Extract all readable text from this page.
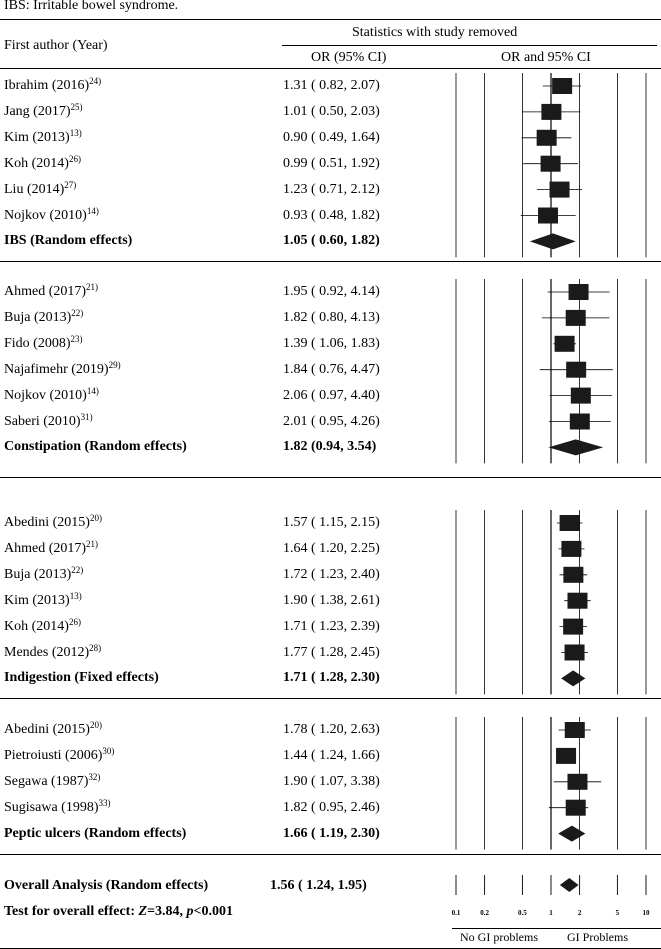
IBS: Irritable bowel syndrome.
First author (Year)
Statistics with study removed
OR (95% CI)	OR and 95% CI
Ibrahim $(2016)^{24)}$	1.31 ( 0.82, 2.07)
Jang $(2017)^{25)}$	1.01 ( 0.50, 2.03)
Kim $(2013)^{13)}$	0.90 ( 0.49, 1.64)
Koh $(2014)^{26)}$	0.99 ( 0.51, 1.92)
Liu $(2014)^{27)}$	1.23 ( 0.71, 2.12)
Nojkov $(2010)^{14)}$	0.93 ( 0.48, 1.82)
IBS (Random effects)	1.05 ( 0.60, 1.82)
Ahmed $(2017)^{21)}$	1.95 ( 0.92, 4.14)
Buja $(2013)^{22)}$	1.82 ( 0.80, 4.13)
Fido $(2008)^{23)}$	1.39 ( 1.06, 1.83)
Najafimehr $(2019)^{29)}$	1.84 ( 0.76, 4.47)
Nojkov $(2010)^{14)}$	2.06 ( 0.97, 4.40)
Saberi $(2010)^{31)}$	2.01 ( 0.95, 4.26)
Constipation (Random effects)	1.82 (0.94, 3.54)
Abedini $(2015)^{20)}$	1.57 ( 1.15, 2.15)
Ahmed $(2017)^{21)}$	1.64 ( 1.20, 2.25)
Buja $(2013)^{22)}$	1.72 ( 1.23, 2.40)
Kim $(2013)^{13)}$	1.90 ( 1.38, 2.61)
Koh $(2014)^{26)}$	1.71 ( 1.23, 2.39)
Mendes $(2012)^{28)}$	1.77 ( 1.28, 2.45)
Indigestion (Fixed effects)	1.71 ( 1.28, 2.30)
Abedini $(2015)^{20)}$	1.78 ( 1.20, 2.63)
Pietroiusti $(2006)^{30)}$	1.44 ( 1.24, 1.66)
Segawa $(1987)^{32)}$	1.90 ( 1.07, 3.38)
Sugisawa $(1998)^{33)}$	1.82 ( 0.95, 2.46)
Peptic ulcers (Random effects)	1.66 ( 1.19, 2.30)
Overall Analysis (Random effects)	1.56 ( 1.24, 1.95)
Test for overall effect: Z=3.84, p<0.001	0.1	0.2	0.5	1	2	5	10
No GI problems GI Problems
